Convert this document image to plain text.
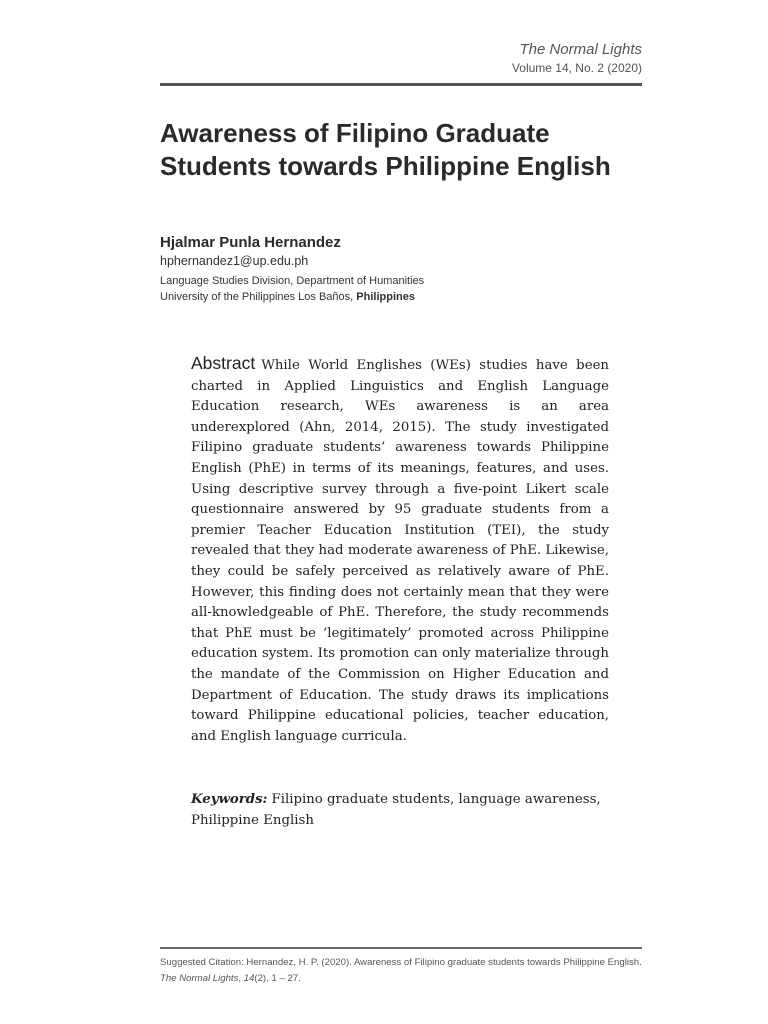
The Normal Lights
Volume 14, No. 2 (2020)
Awareness of Filipino Graduate Students towards Philippine English
Hjalmar Punla Hernandez
hphernandez1@up.edu.ph
Language Studies Division, Department of Humanities
University of the Philippines Los Baños, Philippines

Abstract While World Englishes (WEs) studies have been charted in Applied Linguistics and English Language Education research, WEs awareness is an area underexplored (Ahn, 2014, 2015). The study investigated Filipino graduate students’ awareness towards Philippine English (PhE) in terms of its meanings, features, and uses. Using descriptive survey through a five-point Likert scale questionnaire answered by 95 graduate students from a premier Teacher Education Institution (TEI), the study revealed that they had moderate awareness of PhE. Likewise, they could be safely perceived as relatively aware of PhE. However, this finding does not certainly mean that they were all-knowledgeable of PhE. Therefore, the study recommends that PhE must be ‘legitimately’ promoted across Philippine education system. Its promotion can only materialize through the mandate of the Commission on Higher Education and Department of Education. The study draws its implications toward Philippine educational policies, teacher education, and English language curricula.

Keywords: Filipino graduate students, language awareness, Philippine English

Suggested Citation: Hernandez, H. P. (2020). Awareness of Filipino graduate students towards Philippine English. The Normal Lights, 14(2), 1 – 27.
